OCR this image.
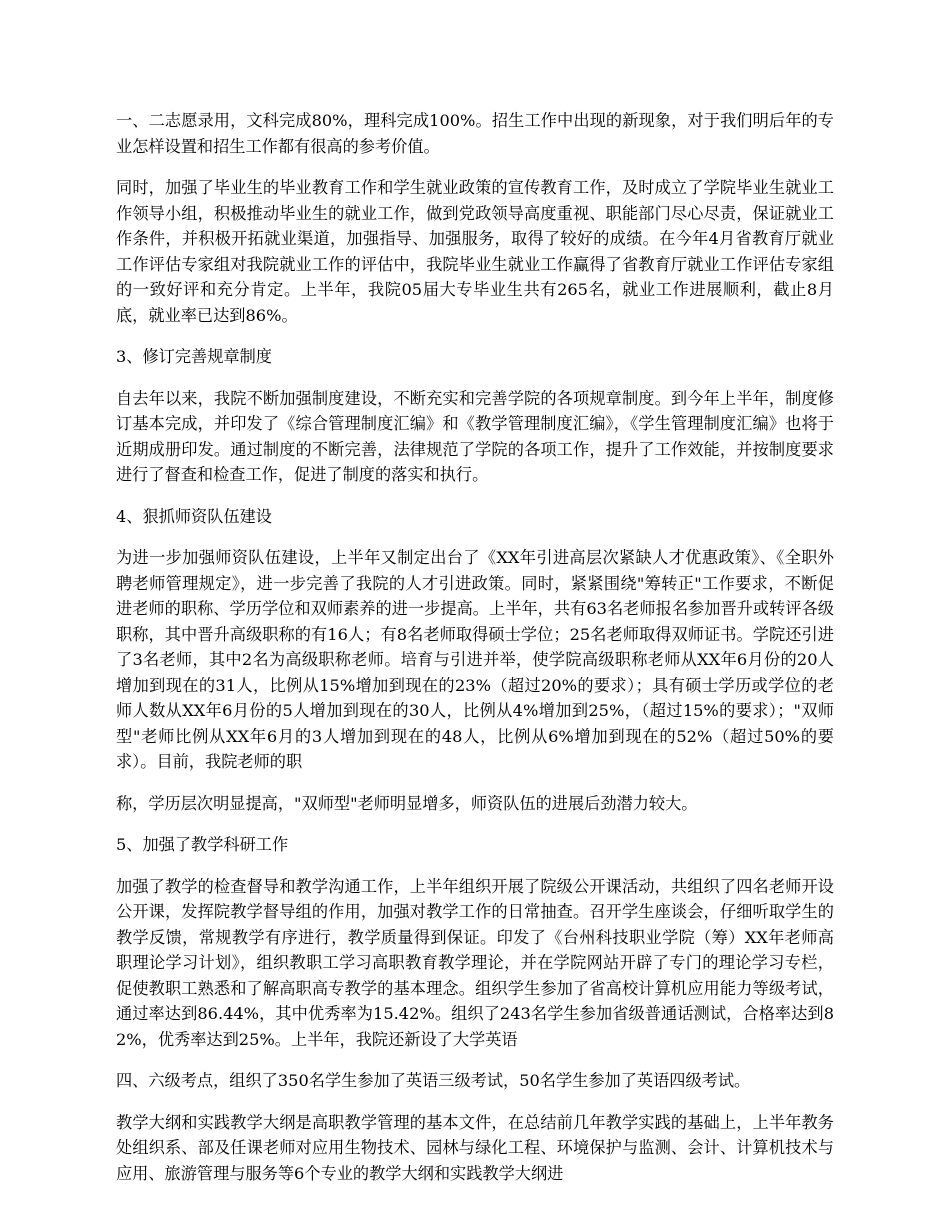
一、二志愿录用，文科完成80%，理科完成100%。招生工作中出现的新现象，对于我们明后年的专业怎样设置和招生工作都有很高的参考价值。

同时，加强了毕业生的毕业教育工作和学生就业政策的宣传教育工作，及时成立了学院毕业生就业工作领导小组，积极推动毕业生的就业工作，做到党政领导高度重视、职能部门尽心尽责，保证就业工作条件，并积极开拓就业渠道，加强指导、加强服务，取得了较好的成绩。在今年4月省教育厅就业工作评估专家组对我院就业工作的评估中，我院毕业生就业工作赢得了省教育厅就业工作评估专家组的一致好评和充分肯定。上半年，我院05届大专毕业生共有265名，就业工作进展顺利，截止8月底，就业率已达到86%。

3、修订完善规章制度

自去年以来，我院不断加强制度建设，不断充实和完善学院的各项规章制度。到今年上半年，制度修订基本完成，并印发了《综合管理制度汇编》和《教学管理制度汇编》，《学生管理制度汇编》也将于近期成册印发。通过制度的不断完善，法律规范了学院的各项工作，提升了工作效能，并按制度要求进行了督查和检查工作，促进了制度的落实和执行。

4、狠抓师资队伍建设

为进一步加强师资队伍建设，上半年又制定出台了《XX年引进高层次紧缺人才优惠政策》、《全职外聘老师管理规定》，进一步完善了我院的人才引进政策。同时，紧紧围绕"筹转正"工作要求，不断促进老师的职称、学历学位和双师素养的进一步提高。上半年，共有63名老师报名参加晋升或转评各级职称，其中晋升高级职称的有16人；有8名老师取得硕士学位；25名老师取得双师证书。学院还引进了3名老师，其中2名为高级职称老师。培育与引进并举，使学院高级职称老师从XX年6月份的20人增加到现在的31人，比例从15%增加到现在的23%（超过20%的要求）；具有硕士学历或学位的老师人数从XX年6月份的5人增加到现在的30人，比例从4%增加到25%，（超过15%的要求）；"双师型"老师比例从XX年6月的3人增加到现在的48人，比例从6%增加到现在的52%（超过50%的要求）。目前，我院老师的职

称，学历层次明显提高，"双师型"老师明显增多，师资队伍的进展后劲潜力较大。

5、加强了教学科研工作

加强了教学的检查督导和教学沟通工作，上半年组织开展了院级公开课活动，共组织了四名老师开设公开课，发挥院教学督导组的作用，加强对教学工作的日常抽查。召开学生座谈会，仔细听取学生的教学反馈，常规教学有序进行，教学质量得到保证。印发了《台州科技职业学院（筹）XX年老师高职理论学习计划》，组织教职工学习高职教育教学理论，并在学院网站开辟了专门的理论学习专栏，促使教职工熟悉和了解高职高专教学的基本理念。组织学生参加了省高校计算机应用能力等级考试，通过率达到86.44%，其中优秀率为15.42%。组织了243名学生参加省级普通话测试，合格率达到82%，优秀率达到25%。上半年，我院还新设了大学英语

四、六级考点，组织了350名学生参加了英语三级考试，50名学生参加了英语四级考试。

教学大纲和实践教学大纲是高职教学管理的基本文件，在总结前几年教学实践的基础上，上半年教务处组织系、部及任课老师对应用生物技术、园林与绿化工程、环境保护与监测、会计、计算机技术与应用、旅游管理与服务等6个专业的教学大纲和实践教学大纲进
